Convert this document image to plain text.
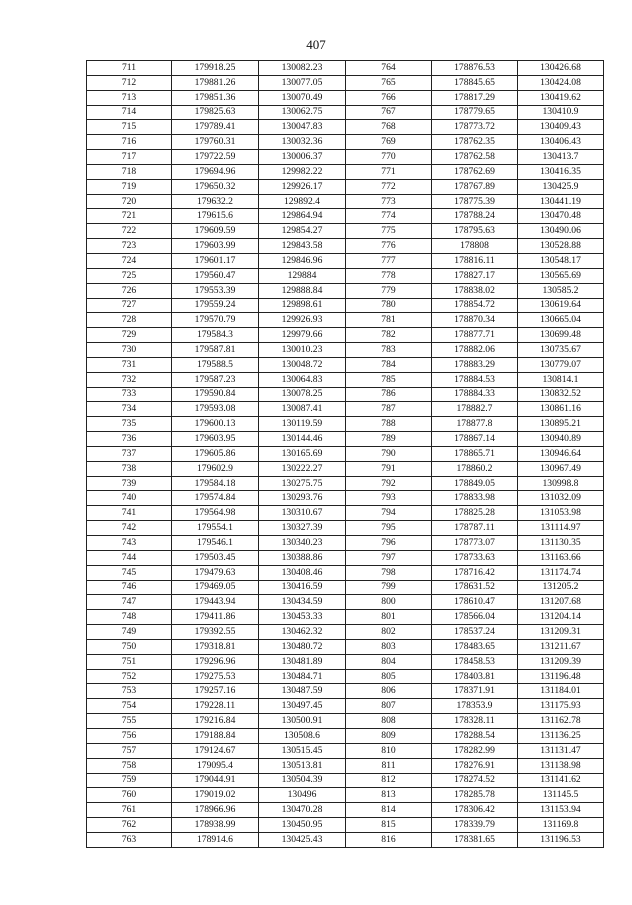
407
711	179918.25	130082.23	764	178876.53	130426.68
712	179881.26	130077.05	765	178845.65	130424.08
713	179851.36	130070.49	766	178817.29	130419.62
714	179825.63	130062.75	767	178779.65	130410.9
715	179789.41	130047.83	768	178773.72	130409.43
716	179760.31	130032.36	769	178762.35	130406.43
717	179722.59	130006.37	770	178762.58	130413.7
718	179694.96	129982.22	771	178762.69	130416.35
719	179650.32	129926.17	772	178767.89	130425.9
720	179632.2	129892.4	773	178775.39	130441.19
721	179615.6	129864.94	774	178788.24	130470.48
722	179609.59	129854.27	775	178795.63	130490.06
723	179603.99	129843.58	776	178808	130528.88
724	179601.17	129846.96	777	178816.11	130548.17
725	179560.47	129884	778	178827.17	130565.69
726	179553.39	129888.84	779	178838.02	130585.2
727	179559.24	129898.61	780	178854.72	130619.64
728	179570.79	129926.93	781	178870.34	130665.04
729	179584.3	129979.66	782	178877.71	130699.48
730	179587.81	130010.23	783	178882.06	130735.67
731	179588.5	130048.72	784	178883.29	130779.07
732	179587.23	130064.83	785	178884.53	130814.1
733	179590.84	130078.25	786	178884.33	130832.52
734	179593.08	130087.41	787	178882.7	130861.16
735	179600.13	130119.59	788	178877.8	130895.21
736	179603.95	130144.46	789	178867.14	130940.89
737	179605.86	130165.69	790	178865.71	130946.64
738	179602.9	130222.27	791	178860.2	130967.49
739	179584.18	130275.75	792	178849.05	130998.8
740	179574.84	130293.76	793	178833.98	131032.09
741	179564.98	130310.67	794	178825.28	131053.98
742	179554.1	130327.39	795	178787.11	131114.97
743	179546.1	130340.23	796	178773.07	131130.35
744	179503.45	130388.86	797	178733.63	131163.66
745	179479.63	130408.46	798	178716.42	131174.74
746	179469.05	130416.59	799	178631.52	131205.2
747	179443.94	130434.59	800	178610.47	131207.68
748	179411.86	130453.33	801	178566.04	131204.14
749	179392.55	130462.32	802	178537.24	131209.31
750	179318.81	130480.72	803	178483.65	131211.67
751	179296.96	130481.89	804	178458.53	131209.39
752	179275.53	130484.71	805	178403.81	131196.48
753	179257.16	130487.59	806	178371.91	131184.01
754	179228.11	130497.45	807	178353.9	131175.93
755	179216.84	130500.91	808	178328.11	131162.78
756	179188.84	130508.6	809	178288.54	131136.25
757	179124.67	130515.45	810	178282.99	131131.47
758	179095.4	130513.81	811	178276.91	131138.98
759	179044.91	130504.39	812	178274.52	131141.62
760	179019.02	130496	813	178285.78	131145.5
761	178966.96	130470.28	814	178306.42	131153.94
762	178938.99	130450.95	815	178339.79	131169.8
763	178914.6	130425.43	816	178381.65	131196.53
